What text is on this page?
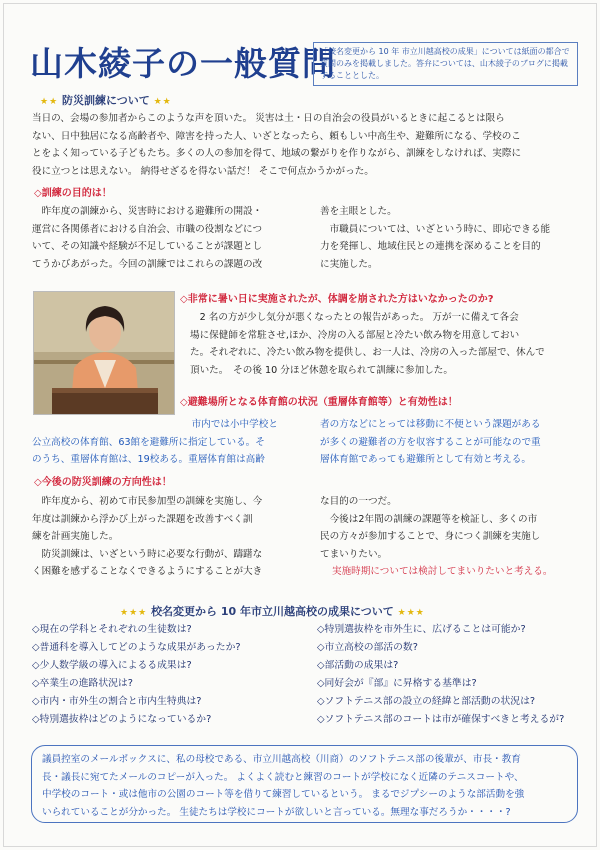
山木綾子の一般質問
「校名変更から 10 年 市立川越高校の成果」については紙面の都合で質問のみを掲載しました。答弁については、山木綾子のブログに掲載することとした。
★★ 防災訓練について ★★
当日の、会場の参加者からこのような声を頂いた。 災害は土・日の自治会の役員がいるときに起こるとは限ら
ない、日中独居になる高齢者や、障害を持った人、いざとなったら、頼もしい中高生や、避難所になる、学校のこ
とをよく知っている子どもたち。多くの人の参加を得て、地域の繋がりを作りながら、訓練をしなければ、実際に
役に立つとは思えない。 納得せざるを得ない話だ！ そこで何点かうかがった。
◇訓練の目的は！
　昨年度の訓練から、災害時における避難所の開設・
運営に各関係者における自治会、市職の役割などにつ
いて、その知識や経験が不足していることが課題とし
てうかびあがった。今回の訓練ではこれらの課題の改
善を主眼とした。
　市職員については、いざという時に、即応できる能
力を発揮し、地域住民との連携を深めることを目的
に実施した。
◇非常に暑い日に実施されたが、体調を崩された方はいなかったのか?
　2 名の方が少し気分が悪くなったとの報告があった。 万が一に備えて各会
場に保健師を常駐させ,ほか、冷房の入る部屋と冷たい飲み物を用意しておい
た。それぞれに、冷たい飲み物を提供し、お一人は、冷房の入った部屋で、休んで
頂いた。　その後 10 分ほど休憩を取られて訓練に参加した。
◇避難場所となる体育館の状況（重層体育館等）と有効性は！
　市内では小中学校と
公立高校の体育館、63館を避難所に指定している。そ
のうち、重層体育館は、19校ある。重層体育館は高齢
者の方などにとっては移動に不便という課題がある
が多くの避難者の方を収容することが可能なので重
層体育館であっても避難所として有効と考える。
◇今後の防災訓練の方向性は！
　昨年度から、初めて市民参加型の訓練を実施し、今
年度は訓練から浮かび上がった課題を改善すべく訓
練を計画実施した。
　防災訓練は、いざという時に必要な行動が、躊躇な
く困難を感ずることなくできるようにすることが大き
な目的の一つだ。
　今後は2年間の訓練の課題等を検証し、多くの市
民の方々が参加することで、身につく訓練を実施し
てまいりたい。
実施時期については検討してまいりたいと考える。
★★★ 校名変更から 10 年市立川越高校の成果について ★★★
◇現在の学科とそれぞれの生徒数は?
◇普通科を導入してどのような成果があったか?
◇少人数学級の導入によるる成果は?
◇卒業生の進路状況は?
◇市内・市外生の割合と市内生特典は?
◇特別選抜枠はどのようになっているか?
◇特別選抜枠を市外生に、広げることは可能か?
◇市立高校の部活の数?
◇部活動の成果は?
◇同好会が『部』に昇格する基準は?
◇ソフトテニス部の設立の経緯と部活動の状況は?
◇ソフトテニス部のコートは市が確保すべきと考えるが?
議員控室のメールボックスに、私の母校である、市立川越高校（川商）のソフトテニス部の後輩が、市長・教育
長・議長に宛てたメールのコピーが入った。 よくよく読むと練習のコートが学校になく近隣のテニスコートや、
中学校のコート・或は他市の公園のコート等を借りて練習しているという。 まるでジプシーのような部活動を強
いられていることが分かった。 生徒たちは学校にコートが欲しいと言っている。無理な事だろうか・・・・?
